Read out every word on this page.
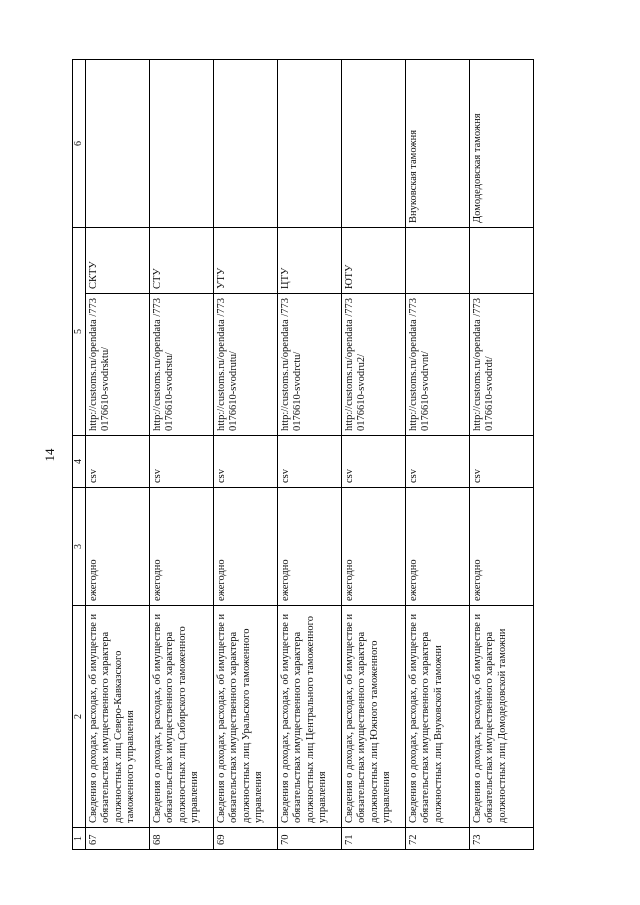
14
1	2	3	4	5		6
67	Сведения о доходах, расходах, об имуществе и обязательствах имущественного характера должностных лиц Северо-Кавказского таможенного управления	ежегодно	csv	http://customs.ru/opendata /7730176610-svodrsktu/	СКТУ	
68	Сведения о доходах, расходах, об имуществе и обязательствах имущественного характера должностных лиц Сибирского таможенного управления	ежегодно	csv	http://customs.ru/opendata /7730176610-svodrstu/	СТУ	
69	Сведения о доходах, расходах, об имуществе и обязательствах имущественного характера должностных лиц Уральского таможенного управления	ежегодно	csv	http://customs.ru/opendata /7730176610-svodrutu/	УТУ	
70	Сведения о доходах, расходах, об имуществе и обязательствах имущественного характера должностных лиц Центрального таможенного управления	ежегодно	csv	http://customs.ru/opendata /7730176610-svodrctu/	ЦТУ	
71	Сведения о доходах, расходах, об имуществе и обязательствах имущественного характера должностных лиц Южного таможенного управления	ежегодно	csv	http://customs.ru/opendata /7730176610-svodru2/	ЮТУ	
72	Сведения о доходах, расходах, об имуществе и обязательствах имущественного характера должностных лиц Внуковской таможни	ежегодно	csv	http://customs.ru/opendata /7730176610-svodrvnt/		Внуковская таможня
73	Сведения о доходах, расходах, об имуществе и обязательствах имущественного характера должностных лиц Домодедовской таможни	ежегодно	csv	http://customs.ru/opendata /7730176610-svodrdt/		Домодедовская таможня
